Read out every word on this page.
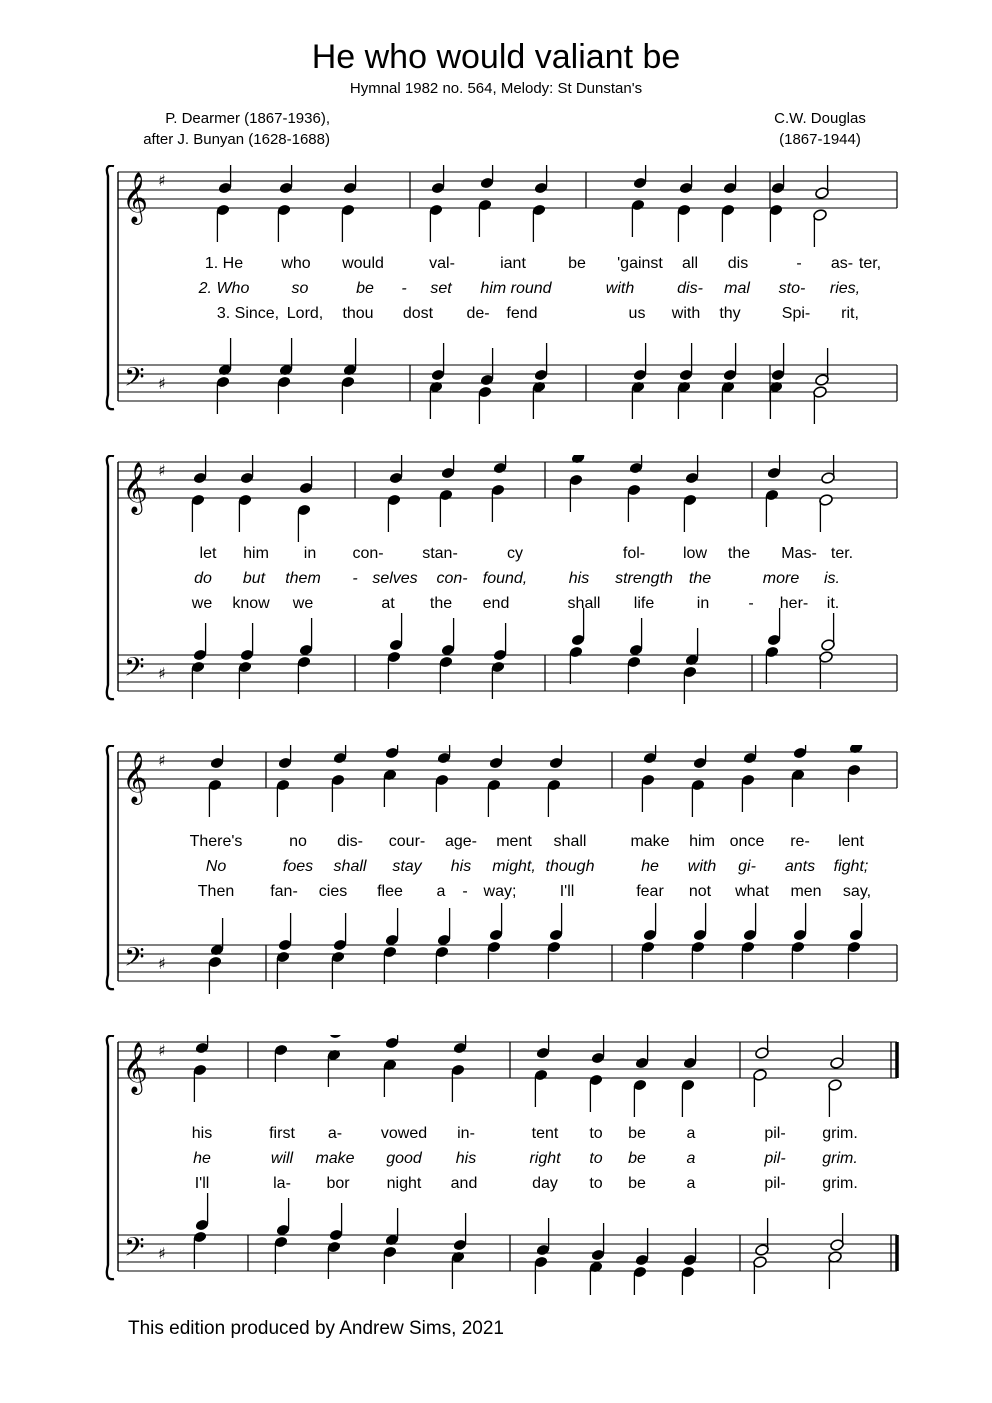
He who would valiant be
Hymnal 1982 no. 564, Melody: St Dunstan's
P. Dearmer (1867-1936),
after J. Bunyan (1628-1688)
C.W. Douglas
(1867-1944)
𝄞
𝄢
♯
♯
1. He who would	val-	iant	be 'gainst all dis	- as- ter,
2. Who	so	be - set him round	with	dis- mal sto- ries,
3. Since, Lord, thou dost de- fend	us with thy	Spi- rit,
𝄞
𝄢
♯
♯
let him in con- stan-	cy	fol- low the Mas- ter.
do but them - selves con- found,	his strength the	more is.
we know we	at the end	shall life	in - her- it.
𝄞
𝄢
♯
♯
There's	no dis- cour- age- ment shall	make him once re- lent
No	foes shall stay his might, though	he with gi- ants fight;
Then fan- cies flee a - way;	I'll	fear not what men say,
𝄞
𝄢
♯
♯
his	first a- vowed in-	tent to be	a	pil- grim.
he	will make good his	right to be	a	pil- grim.
I'll	la- bor night and	day to be	a	pil- grim.
This edition produced by Andrew Sims, 2021
